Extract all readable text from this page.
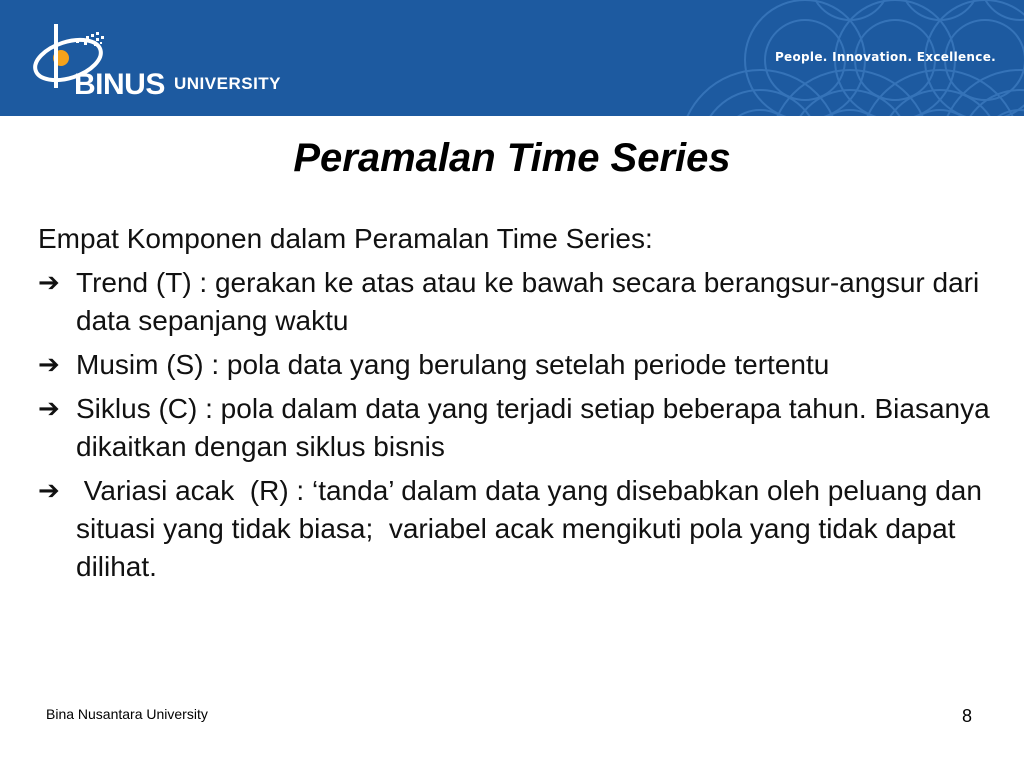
BINUS UNIVERSITY
People. Innovation. Excellence.
Peramalan Time Series

Empat Komponen dalam Peramalan Time Series:

➔ Trend (T) : gerakan ke atas atau ke bawah secara berangsur-angsur dari data sepanjang waktu

➔ Musim (S) : pola data yang berulang setelah periode tertentu

➔ Siklus (C) : pola dalam data yang terjadi setiap beberapa tahun. Biasanya dikaitkan dengan siklus bisnis

➔ Variasi acak  (R) : ‘tanda’ dalam data yang disebabkan oleh peluang dan situasi yang tidak biasa;  variabel acak mengikuti pola yang tidak dapat dilihat.

Bina Nusantara University	8
